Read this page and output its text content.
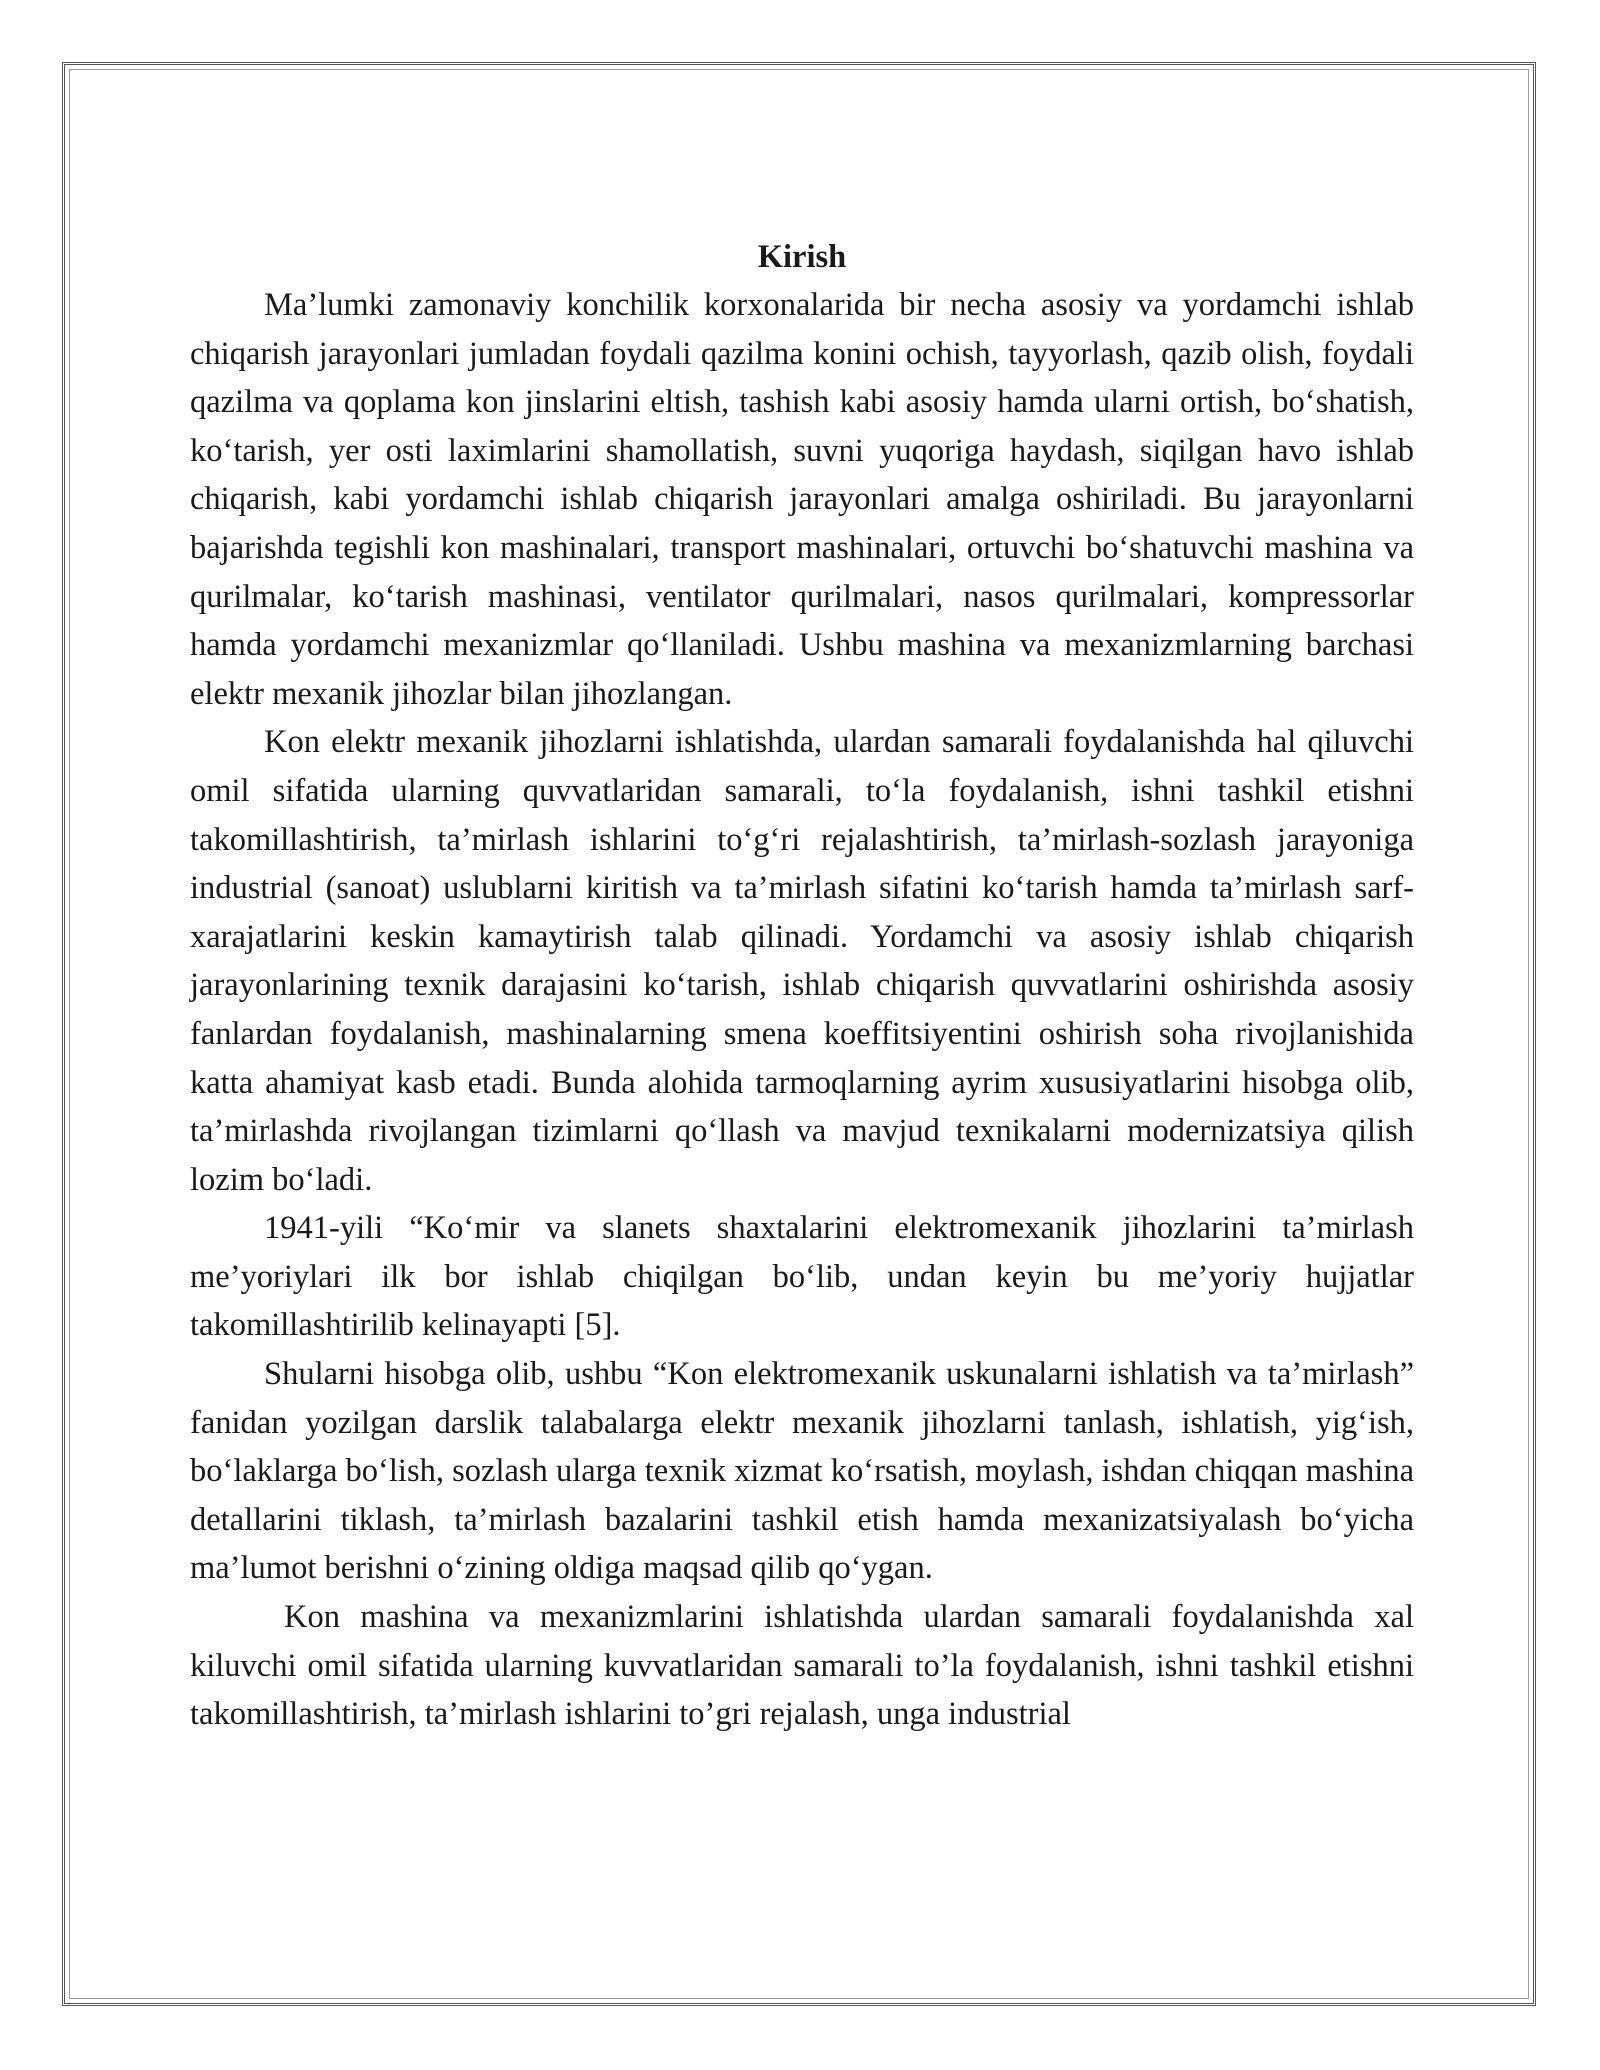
Kirish

Ma’lumki zamonaviy konchilik korxonalarida bir necha asosiy va yordamchi ishlab chiqarish jarayonlari jumladan foydali qazilma konini ochish, tayyorlash, qazib olish, foydali qazilma va qoplama kon jinslarini eltish, tashish kabi asosiy hamda ularni ortish, bo‘shatish, ko‘tarish, yer osti laximlarini shamollatish, suvni yuqoriga haydash, siqilgan havo ishlab chiqarish, kabi yordamchi ishlab chiqarish jarayonlari amalga oshiriladi. Bu jarayonlarni bajarishda tegishli kon mashinalari, transport mashinalari, ortuvchi bo‘shatuvchi mashina va qurilmalar, ko‘tarish mashinasi, ventilator qurilmalari, nasos qurilmalari, kompressorlar hamda yordamchi mexanizmlar qo‘llaniladi. Ushbu mashina va mexanizmlarning barchasi elektr mexanik jihozlar bilan jihozlangan.

Kon elektr mexanik jihozlarni ishlatishda, ulardan samarali foydalanishda hal qiluvchi omil sifatida ularning quvvatlaridan samarali, to‘la foydalanish, ishni tashkil etishni takomillashtirish, ta’mirlash ishlarini to‘g‘ri rejalashtirish, ta’mirlash-sozlash jarayoniga industrial (sanoat) uslublarni kiritish va ta’mirlash sifatini ko‘tarish hamda ta’mirlash sarf-xarajatlarini keskin kamaytirish talab qilinadi. Yordamchi va asosiy ishlab chiqarish jarayonlarining texnik darajasini ko‘tarish, ishlab chiqarish quvvatlarini oshirishda asosiy fanlardan foydalanish, mashinalarning smena koeffitsiyentini oshirish soha rivojlanishida katta ahamiyat kasb etadi. Bunda alohida tarmoqlarning ayrim xususiyatlarini hisobga olib, ta’mirlashda rivojlangan tizimlarni qo‘llash va mavjud texnikalarni modernizatsiya qilish lozim bo‘ladi.

1941-yili “Ko‘mir va slanets shaxtalarini elektromexanik jihozlarini ta’mirlash me’yoriylari ilk bor ishlab chiqilgan bo‘lib, undan keyin bu me’yoriy hujjatlar takomillashtirilib kelinayapti [5].

Shularni hisobga olib, ushbu “Kon elektromexanik uskunalarni ishlatish va ta’mirlash” fanidan yozilgan darslik talabalarga elektr mexanik jihozlarni tanlash, ishlatish, yig‘ish, bo‘laklarga bo‘lish, sozlash ularga texnik xizmat ko‘rsatish, moylash, ishdan chiqqan mashina detallarini tiklash, ta’mirlash bazalarini tashkil etish hamda mexanizatsiyalash bo‘yicha ma’lumot berishni o‘zining oldiga maqsad qilib qo‘ygan.

Kon mashina va mexanizmlarini ishlatishda ulardan samarali foydalanishda xal kiluvchi omil sifatida ularning kuvvatlaridan samarali to’la foydalanish, ishni tashkil etishni takomillashtirish, ta’mirlash ishlarini to’gri rejalash, unga industrial
